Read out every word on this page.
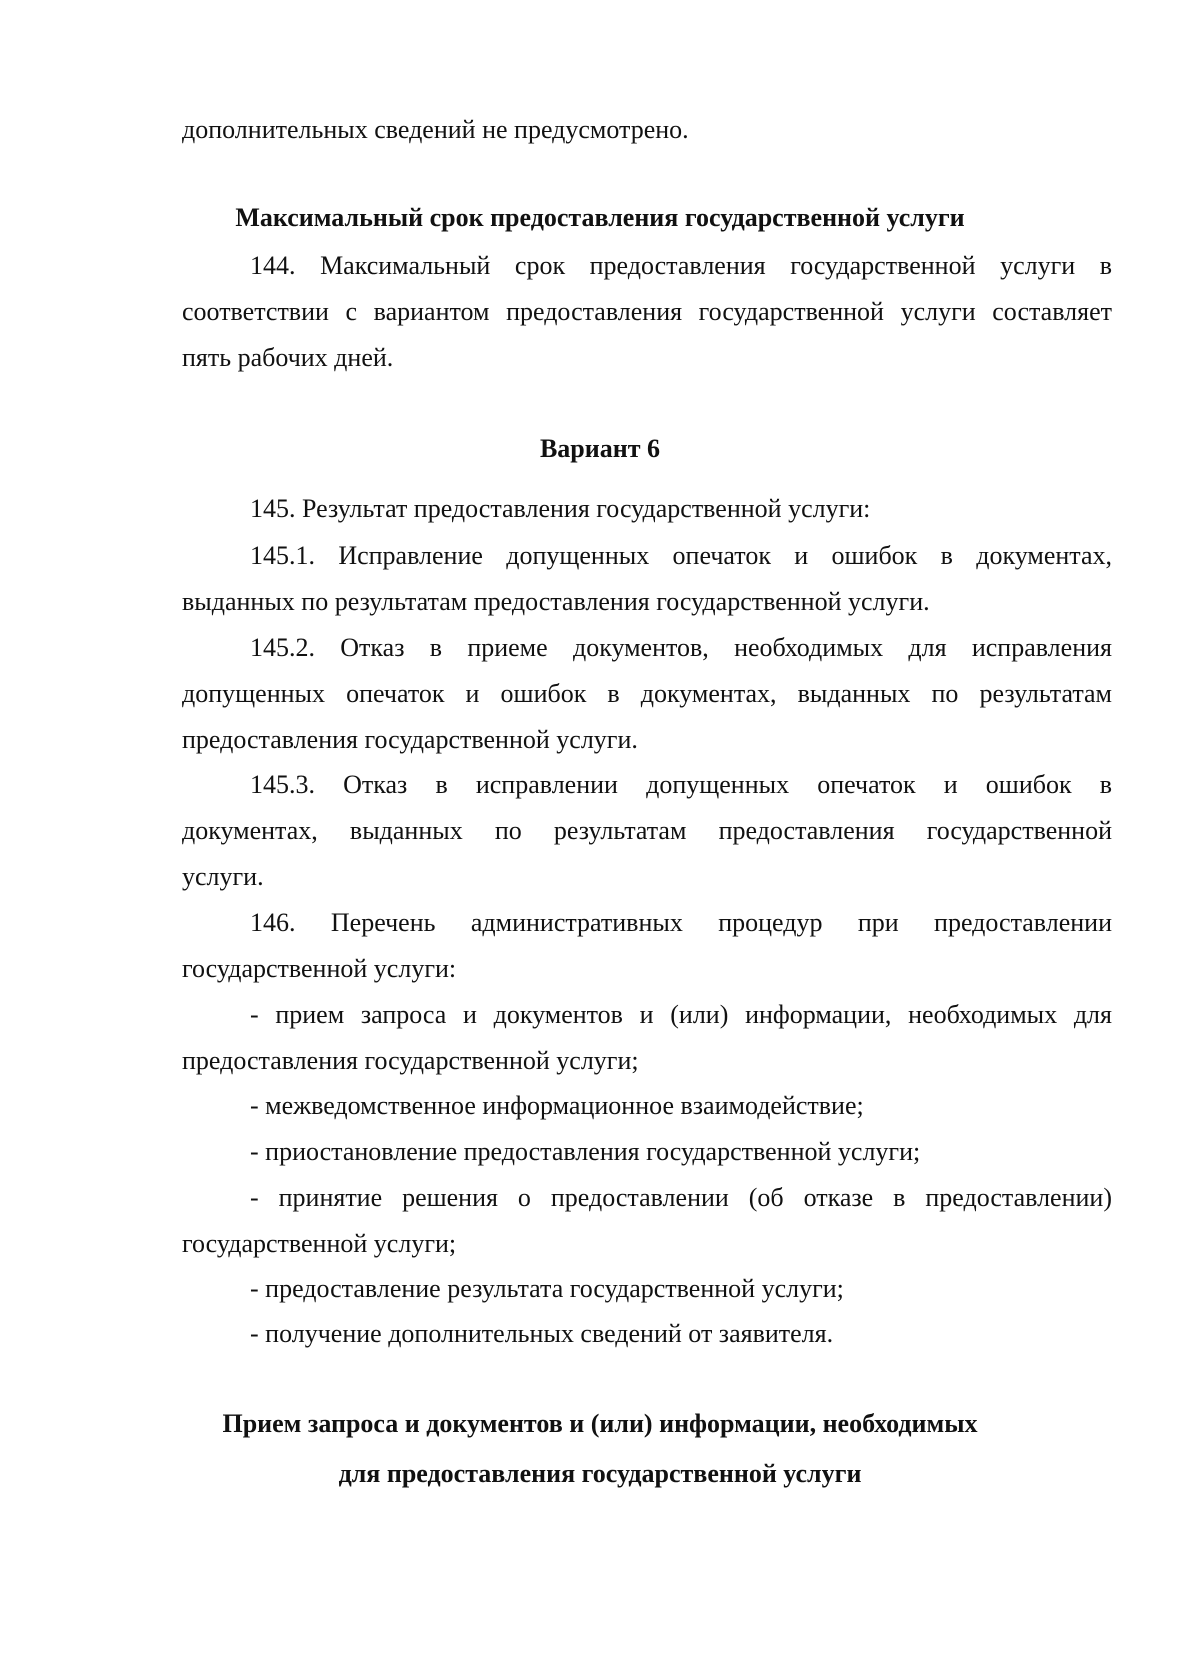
дополнительных сведений не предусмотрено.
Максимальный срок предоставления государственной услуги
144. Максимальный срок предоставления государственной услуги в
соответствии с вариантом предоставления государственной услуги составляет
пять рабочих дней.
Вариант 6
145. Результат предоставления государственной услуги:
145.1. Исправление допущенных опечаток и ошибок в документах,
выданных по результатам предоставления государственной услуги.
145.2. Отказ в приеме документов, необходимых для исправления
допущенных опечаток и ошибок в документах, выданных по результатам
предоставления государственной услуги.
145.3. Отказ в исправлении допущенных опечаток и ошибок в
документах, выданных по результатам предоставления государственной
услуги.
146. Перечень административных процедур при предоставлении
государственной услуги:
- прием запроса и документов и (или) информации, необходимых для
предоставления государственной услуги;
- межведомственное информационное взаимодействие;
- приостановление предоставления государственной услуги;
- принятие решения о предоставлении (об отказе в предоставлении)
государственной услуги;
- предоставление результата государственной услуги;
- получение дополнительных сведений от заявителя.
Прием запроса и документов и (или) информации, необходимых
для предоставления государственной услуги
